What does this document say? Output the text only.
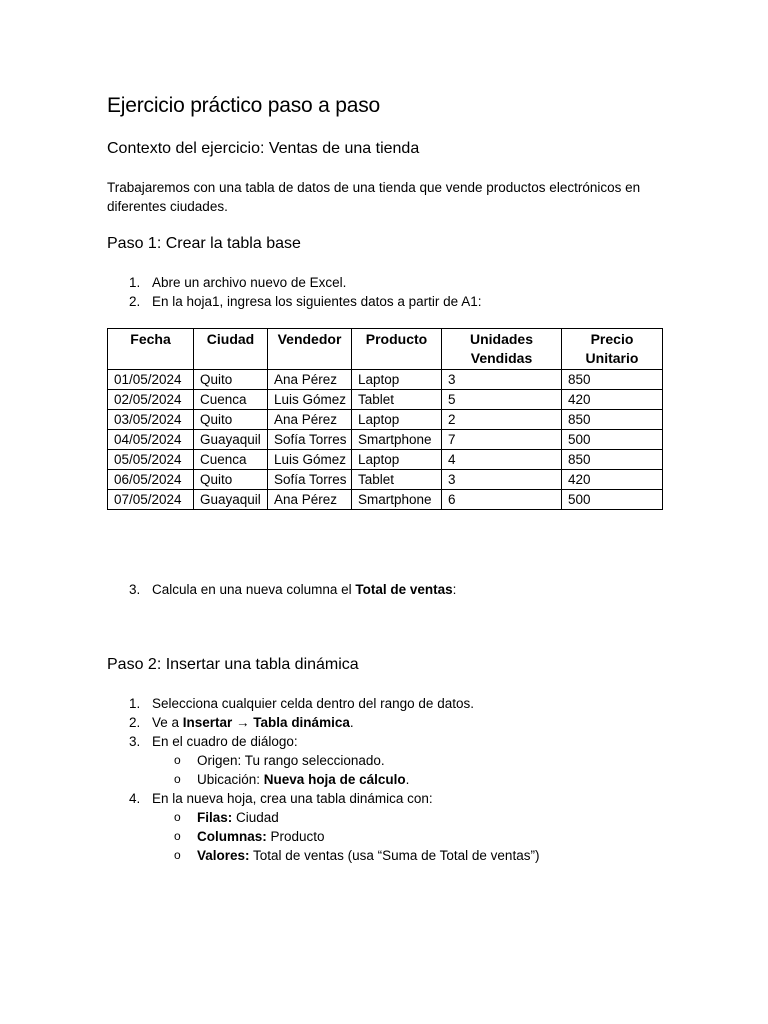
Ejercicio práctico paso a paso
Contexto del ejercicio: Ventas de una tienda

Trabajaremos con una tabla de datos de una tienda que vende productos electrónicos en diferentes ciudades.

Paso 1: Crear la tabla base
1. Abre un archivo nuevo de Excel.
2. En la hoja1, ingresa los siguientes datos a partir de A1:
Fecha	Ciudad	Vendedor	Producto	Unidades Vendidas	Precio Unitario
01/05/2024	Quito	Ana Pérez	Laptop	3	850
02/05/2024	Cuenca	Luis Gómez	Tablet	5	420
03/05/2024	Quito	Ana Pérez	Laptop	2	850
04/05/2024	Guayaquil	Sofía Torres	Smartphone	7	500
05/05/2024	Cuenca	Luis Gómez	Laptop	4	850
06/05/2024	Quito	Sofía Torres	Tablet	3	420
07/05/2024	Guayaquil	Ana Pérez	Smartphone	6	500
3. Calcula en una nueva columna el Total de ventas:
Paso 2: Insertar una tabla dinámica
1. Selecciona cualquier celda dentro del rango de datos.
2. Ve a Insertar → Tabla dinámica.
3. En el cuadro de diálogo:
o Origen: Tu rango seleccionado.
o Ubicación: Nueva hoja de cálculo.
4. En la nueva hoja, crea una tabla dinámica con:
o Filas: Ciudad
o Columnas: Producto
o Valores: Total de ventas (usa “Suma de Total de ventas”)
